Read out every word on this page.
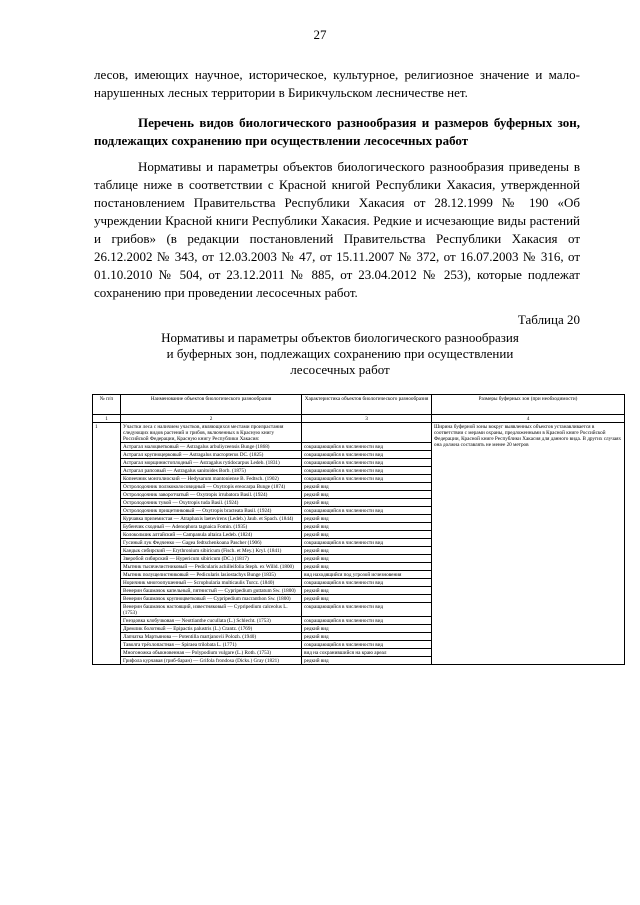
27
лесов, имеющих научное, историческое, культурное, религиозное значение и мало-нарушенных лесных территории в Бирикчульском лесничестве нет.
Перечень видов биологического разнообразия и размеров буферных зон, подлежащих сохранению при осуществлении лесосечных работ
Нормативы и параметры объектов биологического разнообразия приведены в таблице ниже в соответствии с Красной книгой Республики Хакасия, утвержденной постановлением Правительства Республики Хакасия от 28.12.1999 № 190 «Об учреждении Красной книги Республики Хакасия. Редкие и исчезающие виды растений и грибов» (в редакции постановлений Правительства Республики Хакасия от 26.12.2002 № 343, от 12.03.2003 № 47, от 15.11.2007 № 372, от 16.07.2003 № 316, от 01.10.2010 № 504, от 23.12.2011 № 885, от 23.04.2012 № 253), которые подлежат сохранению при проведении лесосечных работ.
Таблица 20
Нормативы и параметры объектов биологического разнообразия и буферных зон, подлежащих сохранению при осуществлении лесосечных работ
№ п/п	Наименование объектов биологического разнообразия	Характеристика объектов биологического разнообразия	Размеры буферных зон (при необходимости)
1	2	3	4
1	Участки леса с наличием участков, являющихся местами произрастания следующих видов растений и грибов, включенных в Красную книгу Российской Федерации, Красную книгу Республики Хакасия:		Ширина буферной зоны вокруг выявленных объектов устанавливается в соответствии с мерами охраны, предложенными в Красной книге Российской Федерации, Красной книге Республики Хакасия для данного вида. В других случаях она должна составлять не менее 20 метров
	Астрагал малоцветковый — Astragalus arbuliyceensis Bunge (1868)	сокращающийся в численности вид	
	Астрагал крупноцерковый — Astragalus macropterus DC. (1825)	сокращающийся в численности вид	
	Астрагал морщинистоплодный — Astragalus rytidocarpus Ledeb. (1831)	сокращающийся в численности вид	
	Астрагал рапсовый — Astragalus sanitoides Borb. (1875)	сокращающийся в численности вид	
	Копеечник монголиоский — Hedysarum mantoniense B. Fedtsch. (1902)	сокращающийся в численности вид	
	Остролодочник ползкоколосовидный — Oxytropis ereocarpa Bunge (1874)	редкий вид	
	Остролодочник заворотчатый — Oxytropis irrubatora Basil. (1924)	редкий вид	
	Остролодочник тувой — Oxytropis tuda Basil. (1924)	редкий вид	
	Остролодочник прищетинковый — Oxytropis bracteata Basil. (1924)	сокращающийся в численности вид	
	Курчавка приземистая — Atraphaxis laetevirens (Ledeb.) Jaub. et Spach. (1844)	редкий вид	
	Бубенчик сходный — Adenophora tagnaica Fomin. (1935)	редкий вид	
	Колокольчик алтайский — Campanula altaica Ledeb. (1824)	редкий вид	
	Гусиный лук Федченко — Gagea fedtschenkoana Pascher (1906)	сокращающийся в численности вид	
	Кандык сибирский — Erythronium sibiricum (Fisch. et Mey.) Kryl. (1841)	редкий вид	
	Зверобой сибирский — Hypericum sibiricum (DC.) (1817)	редкий вид	
	Мытник тысячелистниковый — Pedicularis achilleifolia Steph. ex Willd. (1800)	редкий вид	
	Мытник полущелистниковый — Pedicularis lasiostachys Bunge (1835)	вид находящийся под угрозой исчезновения	
	Норичник многоопушенный — Scrophularia multicaulis Turcz. (1840)	сокращающийся в численности вид	
	Венерин башмачок капельный, пятнистый — Cypripedium guttatum Sw. (1800)	редкий вид	
	Венерин башмачок крупноцветковый — Cypripedium macranthon Sw. (1800)	редкий вид	
	Венерин башмачок настоящий, известняковый — Cypripedium calceolus L. (1753)	сокращающийся в численности вид	
	Гнездовка клобучковая — Neottianthe cucullata (L.) Schlecht. (1753)	сокращающийся в численности вид	
	Дремлик болотный — Epipactis palustris (L.) Crantz. (1769)	редкий вид	
	Лапчатка Мартьянова — Potentilla martjanovii Polozh. (1940)	редкий вид	
	Таволга трёхлопастная — Spiraea trilobata L. (1771)	сокращающийся в численности вид	
	Многоножка обыкновенная — Polypodium vulgare (L.) Roth. (1753)	вид на сохранившийся на краю ареал	
	Грифола курчавая (гриб-баран) — Grifola frondosa (Dicks.) Gray (1821)	редкий вид	
